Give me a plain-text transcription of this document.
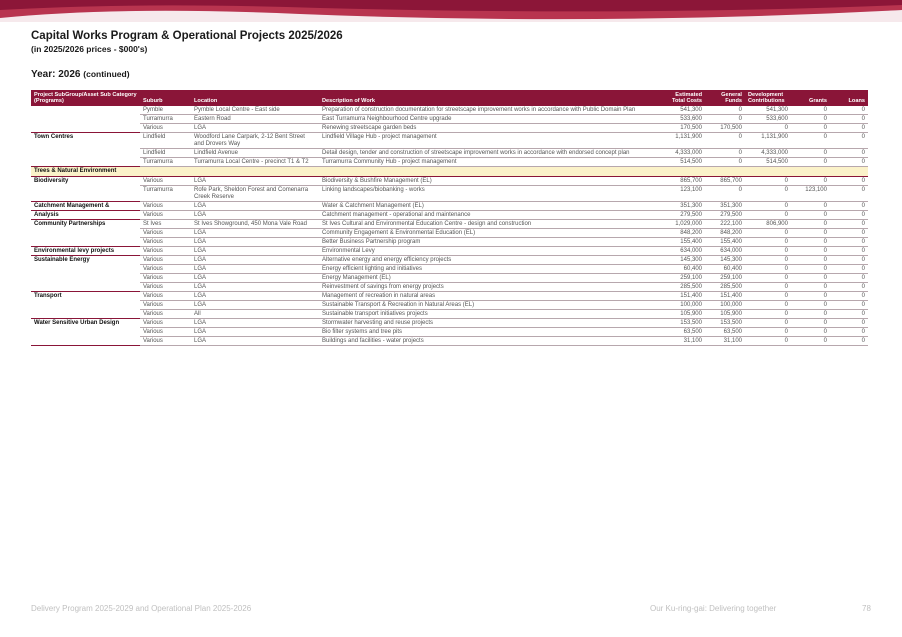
Capital Works Program & Operational Projects 2025/2026
(in 2025/2026 prices - $000's)
Year: 2026 (continued)
Project SubGroup/Asset Sub Category (Programs)	Suburb	Location	Description of Work	Estimated Total Costs	General Funds	Development Contributions	Grants	Loans
	Pymble	Pymble Local Centre - East side	Preparation of construction documentation for streetscape improvement works in accordance with Public Domain Plan	541,300	0	541,300	0	0
	Turramurra	Eastern Road	East Turramurra Neighbourhood Centre upgrade	533,600	0	533,600	0	0
	Various	LGA	Renewing streetscape garden beds	170,500	170,500	0	0	0
Town Centres	Lindfield	Woodford Lane Carpark, 2-12 Bent Street and Drovers Way	Lindfield Village Hub - project management	1,131,900	0	1,131,900	0	0
	Lindfield	Lindfield Avenue	Detail design, tender and construction of streetscape improvement works in accordance with endorsed concept plan	4,333,000	0	4,333,000	0	0
	Turramurra	Turramurra Local Centre - precinct T1 & T2	Turramurra Community Hub - project management	514,500	0	514,500	0	0
Trees & Natural Environment								
Biodiversity	Various	LGA	Biodiversity & Bushfire Management (EL)	865,700	865,700	0	0	0
	Turramurra	Rofe Park, Sheldon Forest and Comenarra Creek Reserve	Linking landscapes/biobanking - works	123,100	0	0	123,100	0
Catchment Management &	Various	LGA	Water & Catchment Management (EL)	351,300	351,300	0	0	0
Analysis	Various	LGA	Catchment management - operational and maintenance	279,500	279,500	0	0	0
Community Partnerships	St Ives	St Ives Showground, 450 Mona Vale Road	St Ives Cultural and Environmental Education Centre - design and construction	1,029,000	222,100	806,900	0	0
	Various	LGA	Community Engagement & Environmental Education (EL)	848,200	848,200	0	0	0
	Various	LGA	Better Business Partnership program	155,400	155,400	0	0	0
Environmental levy projects	Various	LGA	Environmental Levy	634,000	634,000	0	0	0
Sustainable Energy	Various	LGA	Alternative energy and energy efficiency projects	145,300	145,300	0	0	0
	Various	LGA	Energy efficient lighting and initiatives	60,400	60,400	0	0	0
	Various	LGA	Energy Management (EL)	259,100	259,100	0	0	0
	Various	LGA	Reinvestment of savings from energy projects	285,500	285,500	0	0	0
Transport	Various	LGA	Management of recreation in natural areas	151,400	151,400	0	0	0
	Various	LGA	Sustainable Transport & Recreation in Natural Areas (EL)	100,000	100,000	0	0	0
	Various	All	Sustainable transport initiatives projects	105,900	105,900	0	0	0
Water Sensitive Urban Design	Various	LGA	Stormwater harvesting and reuse projects	153,500	153,500	0	0	0
	Various	LGA	Bio filter systems and tree pits	63,500	63,500	0	0	0
	Various	LGA	Buildings and facilities - water projects	31,100	31,100	0	0	0
Delivery Program 2025-2029 and Operational Plan 2025-2026	Our Ku-ring-gai: Delivering together	78
